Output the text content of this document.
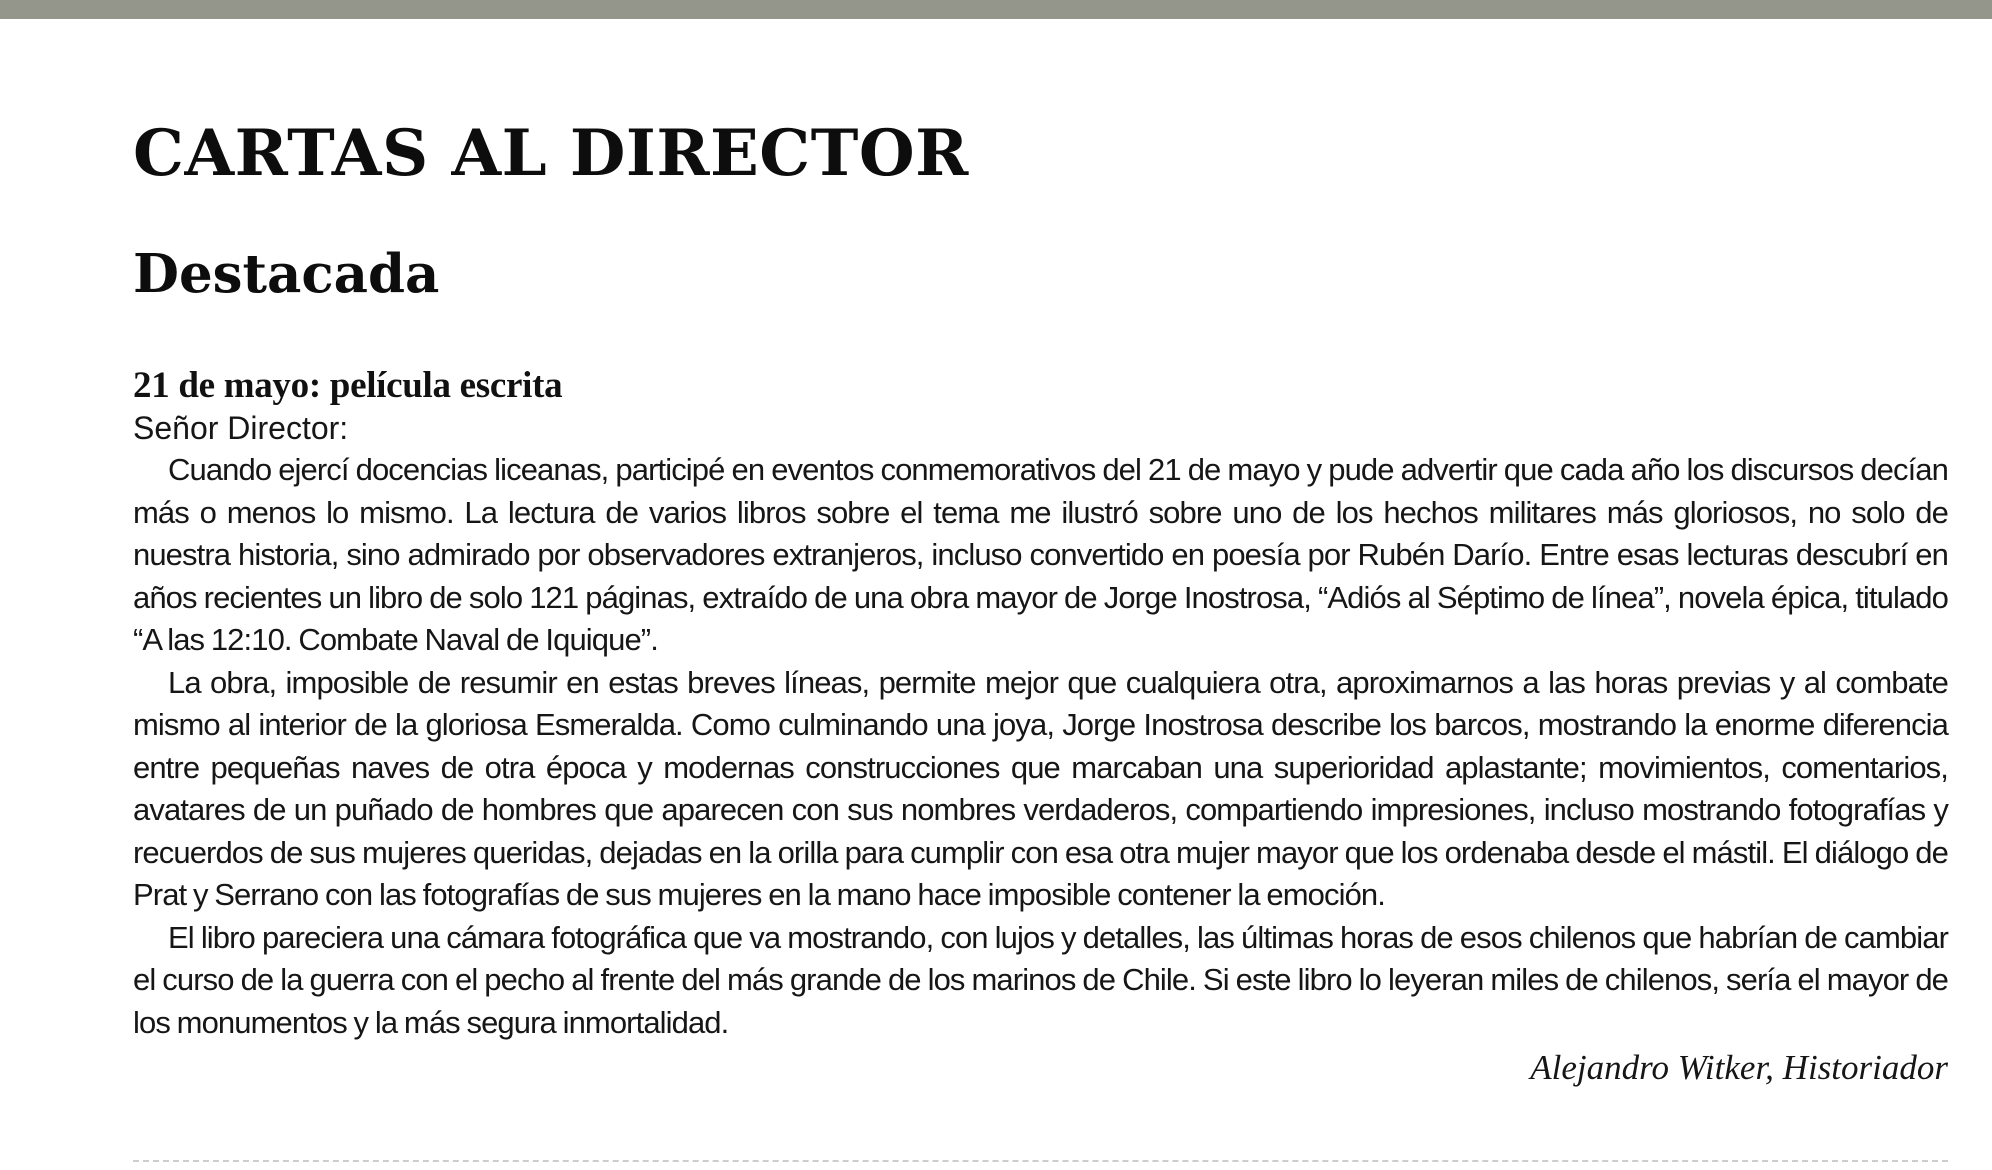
CARTAS AL DIRECTOR
Destacada

21 de mayo: película escrita

Señor Director:

Cuando ejercí docencias liceanas, participé en eventos conmemorativos del 21 de mayo y pude advertir que cada año los discursos decían más o menos lo mismo. La lectura de varios libros sobre el tema me ilustró sobre uno de los hechos militares más gloriosos, no solo de nuestra historia, sino admirado por observadores extranjeros, incluso convertido en poesía por Rubén Darío. Entre esas lecturas descubrí en años recientes un libro de solo 121 páginas, extraído de una obra mayor de Jorge Inostrosa, “Adiós al Séptimo de línea”, novela épica, titulado “A las 12:10. Combate Naval de Iquique”.

La obra, imposible de resumir en estas breves líneas, permite mejor que cualquiera otra, aproximarnos a las horas previas y al combate mismo al interior de la gloriosa Esmeralda. Como culminando una joya, Jorge Inostrosa describe los barcos, mostrando la enorme diferencia entre pequeñas naves de otra época y modernas construcciones que marcaban una superioridad aplastante; movimientos, comentarios, avatares de un puñado de hombres que aparecen con sus nombres verdaderos, compartiendo impresiones, incluso mostrando fotografías y recuerdos de sus mujeres queridas, dejadas en la orilla para cumplir con esa otra mujer mayor que los ordenaba desde el mástil. El diálogo de Prat y Serrano con las fotografías de sus mujeres en la mano hace imposible contener la emoción.

El libro pareciera una cámara fotográfica que va mostrando, con lujos y detalles, las últimas horas de esos chilenos que habrían de cambiar el curso de la guerra con el pecho al frente del más grande de los marinos de Chile. Si este libro lo leyeran miles de chilenos, sería el mayor de los monumentos y la más segura inmortalidad.

Alejandro Witker, Historiador
